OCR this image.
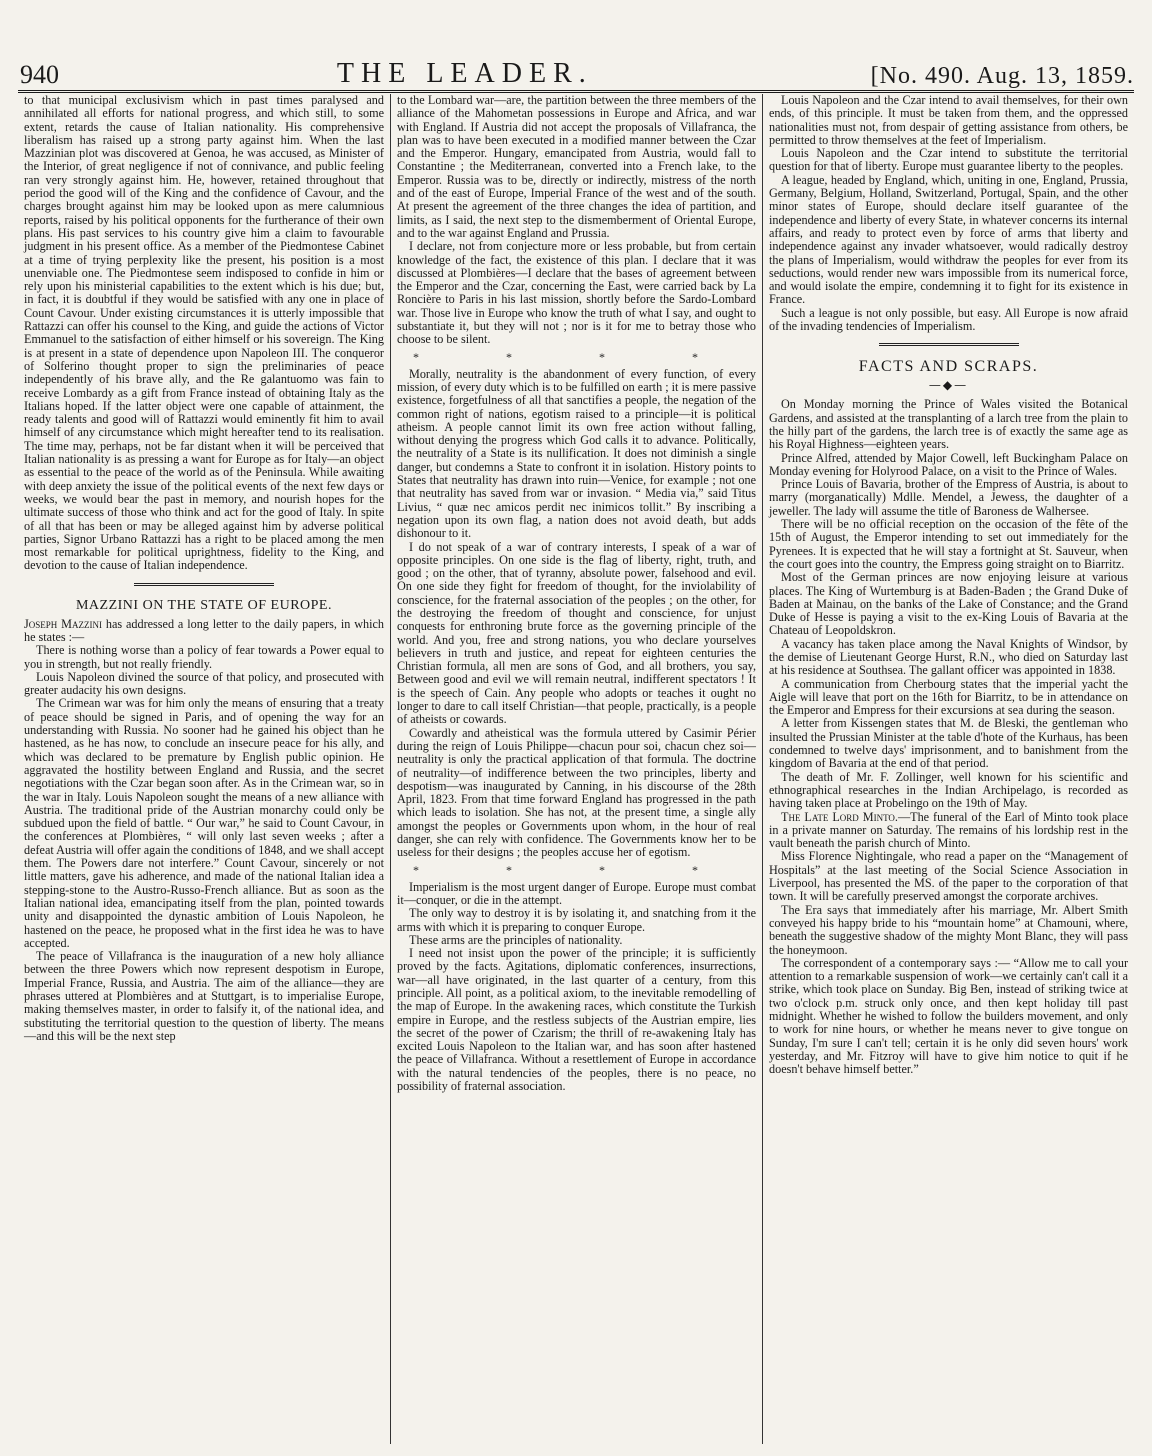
940	THE LEADER.	[No. 490. Aug. 13, 1859.

to that municipal exclusivism which in past times paralysed and annihilated all efforts for national progress, and which still, to some extent, retards the cause of Italian nationality. His comprehensive liberalism has raised up a strong party against him. When the last Mazzinian plot was discovered at Genoa, he was accused, as Minister of the Interior, of great negligence if not of connivance, and public feeling ran very strongly against him. He, however, retained throughout that period the good will of the King and the confidence of Cavour, and the charges brought against him may be looked upon as mere calumnious reports, raised by his political opponents for the furtherance of their own plans. His past services to his country give him a claim to favourable judgment in his present office. As a member of the Piedmontese Cabinet at a time of trying perplexity like the present, his position is a most unenviable one. The Piedmontese seem indisposed to confide in him or rely upon his ministerial capabilities to the extent which is his due; but, in fact, it is doubtful if they would be satisfied with any one in place of Count Cavour. Under existing circumstances it is utterly impossible that Rattazzi can offer his counsel to the King, and guide the actions of Victor Emmanuel to the satisfaction of either himself or his sovereign. The King is at present in a state of dependence upon Napoleon III. The conqueror of Solferino thought proper to sign the preliminaries of peace independently of his brave ally, and the Re galantuomo was fain to receive Lombardy as a gift from France instead of obtaining Italy as the Italians hoped. If the latter object were one capable of attainment, the ready talents and good will of Rattazzi would eminently fit him to avail himself of any circumstance which might hereafter tend to its realisation. The time may, perhaps, not be far distant when it will be perceived that Italian nationality is as pressing a want for Europe as for Italy—an object as essential to the peace of the world as of the Peninsula. While awaiting with deep anxiety the issue of the political events of the next few days or weeks, we would bear the past in memory, and nourish hopes for the ultimate success of those who think and act for the good of Italy. In spite of all that has been or may be alleged against him by adverse political parties, Signor Urbano Rattazzi has a right to be placed among the men most remarkable for political uprightness, fidelity to the King, and devotion to the cause of Italian independence.

MAZZINI ON THE STATE OF EUROPE.

Joseph Mazzini has addressed a long letter to the daily papers, in which he states :—

There is nothing worse than a policy of fear towards a Power equal to you in strength, but not really friendly.

Louis Napoleon divined the source of that policy, and prosecuted with greater audacity his own designs.

The Crimean war was for him only the means of ensuring that a treaty of peace should be signed in Paris, and of opening the way for an understanding with Russia. No sooner had he gained his object than he hastened, as he has now, to conclude an insecure peace for his ally, and which was declared to be premature by English public opinion. He aggravated the hostility between England and Russia, and the secret negotiations with the Czar began soon after. As in the Crimean war, so in the war in Italy. Louis Napoleon sought the means of a new alliance with Austria. The traditional pride of the Austrian monarchy could only be subdued upon the field of battle. “ Our war,” he said to Count Cavour, in the conferences at Plombières, “ will only last seven weeks ; after a defeat Austria will offer again the conditions of 1848, and we shall accept them. The Powers dare not interfere.” Count Cavour, sincerely or not little matters, gave his adherence, and made of the national Italian idea a stepping-stone to the Austro-Russo-French alliance. But as soon as the Italian national idea, emancipating itself from the plan, pointed towards unity and disappointed the dynastic ambition of Louis Napoleon, he hastened on the peace, he proposed what in the first idea he was to have accepted.

The peace of Villafranca is the inauguration of a new holy alliance between the three Powers which now represent despotism in Europe, Imperial France, Russia, and Austria. The aim of the alliance—they are phrases uttered at Plombières and at Stuttgart, is to imperialise Europe, making themselves master, in order to falsify it, of the national idea, and substituting the territorial question to the question of liberty. The means—and this will be the next step

to the Lombard war—are, the partition between the three members of the alliance of the Mahometan possessions in Europe and Africa, and war with England. If Austria did not accept the proposals of Villafranca, the plan was to have been executed in a modified manner between the Czar and the Emperor. Hungary, emancipated from Austria, would fall to Constantine ; the Mediterranean, converted into a French lake, to the Emperor. Russia was to be, directly or indirectly, mistress of the north and of the east of Europe, Imperial France of the west and of the south. At present the agreement of the three changes the idea of partition, and limits, as I said, the next step to the dismemberment of Oriental Europe, and to the war against England and Prussia.

I declare, not from conjecture more or less probable, but from certain knowledge of the fact, the existence of this plan. I declare that it was discussed at Plombières—I declare that the bases of agreement between the Emperor and the Czar, concerning the East, were carried back by La Roncière to Paris in his last mission, shortly before the Sardo-Lombard war. Those live in Europe who know the truth of what I say, and ought to substantiate it, but they will not ; nor is it for me to betray those who choose to be silent.

* * * *

Morally, neutrality is the abandonment of every function, of every mission, of every duty which is to be fulfilled on earth ; it is mere passive existence, forgetfulness of all that sanctifies a people, the negation of the common right of nations, egotism raised to a principle—it is political atheism. A people cannot limit its own free action without falling, without denying the progress which God calls it to advance. Politically, the neutrality of a State is its nullification. It does not diminish a single danger, but condemns a State to confront it in isolation. History points to States that neutrality has drawn into ruin—Venice, for example ; not one that neutrality has saved from war or invasion. “ Media via,” said Titus Livius, “ quæ nec amicos perdit nec inimicos tollit.” By inscribing a negation upon its own flag, a nation does not avoid death, but adds dishonour to it.

I do not speak of a war of contrary interests, I speak of a war of opposite principles. On one side is the flag of liberty, right, truth, and good ; on the other, that of tyranny, absolute power, falsehood and evil. On one side they fight for freedom of thought, for the inviolability of conscience, for the fraternal association of the peoples ; on the other, for the destroying the freedom of thought and conscience, for unjust conquests for enthroning brute force as the governing principle of the world. And you, free and strong nations, you who declare yourselves believers in truth and justice, and repeat for eighteen centuries the Christian formula, all men are sons of God, and all brothers, you say, Between good and evil we will remain neutral, indifferent spectators ! It is the speech of Cain. Any people who adopts or teaches it ought no longer to dare to call itself Christian—that people, practically, is a people of atheists or cowards.

Cowardly and atheistical was the formula uttered by Casimir Périer during the reign of Louis Philippe—chacun pour soi, chacun chez soi—neutrality is only the practical application of that formula. The doctrine of neutrality—of indifference between the two principles, liberty and despotism—was inaugurated by Canning, in his discourse of the 28th April, 1823. From that time forward England has progressed in the path which leads to isolation. She has not, at the present time, a single ally amongst the peoples or Governments upon whom, in the hour of real danger, she can rely with confidence. The Governments know her to be useless for their designs ; the peoples accuse her of egotism.

* * * *

Imperialism is the most urgent danger of Europe. Europe must combat it—conquer, or die in the attempt.

The only way to destroy it is by isolating it, and snatching from it the arms with which it is preparing to conquer Europe.

These arms are the principles of nationality.

I need not insist upon the power of the principle; it is sufficiently proved by the facts. Agitations, diplomatic conferences, insurrections, war—all have originated, in the last quarter of a century, from this principle. All point, as a political axiom, to the inevitable remodelling of the map of Europe. In the awakening races, which constitute the Turkish empire in Europe, and the restless subjects of the Austrian empire, lies the secret of the power of Czarism; the thrill of re-awakening Italy has excited Louis Napoleon to the Italian war, and has soon after hastened the peace of Villafranca. Without a resettlement of Europe in accordance with the natural tendencies of the peoples, there is no peace, no possibility of fraternal association.

Louis Napoleon and the Czar intend to avail themselves, for their own ends, of this principle. It must be taken from them, and the oppressed nationalities must not, from despair of getting assistance from others, be permitted to throw themselves at the feet of Imperialism.

Louis Napoleon and the Czar intend to substitute the territorial question for that of liberty. Europe must guarantee liberty to the peoples.

A league, headed by England, which, uniting in one, England, Prussia, Germany, Belgium, Holland, Switzerland, Portugal, Spain, and the other minor states of Europe, should declare itself guarantee of the independence and liberty of every State, in whatever concerns its internal affairs, and ready to protect even by force of arms that liberty and independence against any invader whatsoever, would radically destroy the plans of Imperialism, would withdraw the peoples for ever from its seductions, would render new wars impossible from its numerical force, and would isolate the empire, condemning it to fight for its existence in France.

Such a league is not only possible, but easy. All Europe is now afraid of the invading tendencies of Imperialism.

FACTS AND SCRAPS.
—◆—

On Monday morning the Prince of Wales visited the Botanical Gardens, and assisted at the transplanting of a larch tree from the plain to the hilly part of the gardens, the larch tree is of exactly the same age as his Royal Highness—eighteen years.

Prince Alfred, attended by Major Cowell, left Buckingham Palace on Monday evening for Holyrood Palace, on a visit to the Prince of Wales.

Prince Louis of Bavaria, brother of the Empress of Austria, is about to marry (morganatically) Mdlle. Mendel, a Jewess, the daughter of a jeweller. The lady will assume the title of Baroness de Walhersee.

There will be no official reception on the occasion of the fête of the 15th of August, the Emperor intending to set out immediately for the Pyrenees. It is expected that he will stay a fortnight at St. Sauveur, when the court goes into the country, the Empress going straight on to Biarritz.

Most of the German princes are now enjoying leisure at various places. The King of Wurtemburg is at Baden-Baden ; the Grand Duke of Baden at Mainau, on the banks of the Lake of Constance; and the Grand Duke of Hesse is paying a visit to the ex-King Louis of Bavaria at the Chateau of Leopoldskron.

A vacancy has taken place among the Naval Knights of Windsor, by the demise of Lieutenant George Hurst, R.N., who died on Saturday last at his residence at Southsea. The gallant officer was appointed in 1838.

A communication from Cherbourg states that the imperial yacht the Aigle will leave that port on the 16th for Biarritz, to be in attendance on the Emperor and Empress for their excursions at sea during the season.

A letter from Kissengen states that M. de Bleski, the gentleman who insulted the Prussian Minister at the table d'hote of the Kurhaus, has been condemned to twelve days' imprisonment, and to banishment from the kingdom of Bavaria at the end of that period.

The death of Mr. F. Zollinger, well known for his scientific and ethnographical researches in the Indian Archipelago, is recorded as having taken place at Probelingo on the 19th of May.

The Late Lord Minto.—The funeral of the Earl of Minto took place in a private manner on Saturday. The remains of his lordship rest in the vault beneath the parish church of Minto.

Miss Florence Nightingale, who read a paper on the “Management of Hospitals” at the last meeting of the Social Science Association in Liverpool, has presented the MS. of the paper to the corporation of that town. It will be carefully preserved amongst the corporate archives.

The Era says that immediately after his marriage, Mr. Albert Smith conveyed his happy bride to his “mountain home” at Chamouni, where, beneath the suggestive shadow of the mighty Mont Blanc, they will pass the honeymoon.

The correspondent of a contemporary says :— “Allow me to call your attention to a remarkable suspension of work—we certainly can't call it a strike, which took place on Sunday. Big Ben, instead of striking twice at two o'clock p.m. struck only once, and then kept holiday till past midnight. Whether he wished to follow the builders movement, and only to work for nine hours, or whether he means never to give tongue on Sunday, I'm sure I can't tell; certain it is he only did seven hours' work yesterday, and Mr. Fitzroy will have to give him notice to quit if he doesn't behave himself better.”
